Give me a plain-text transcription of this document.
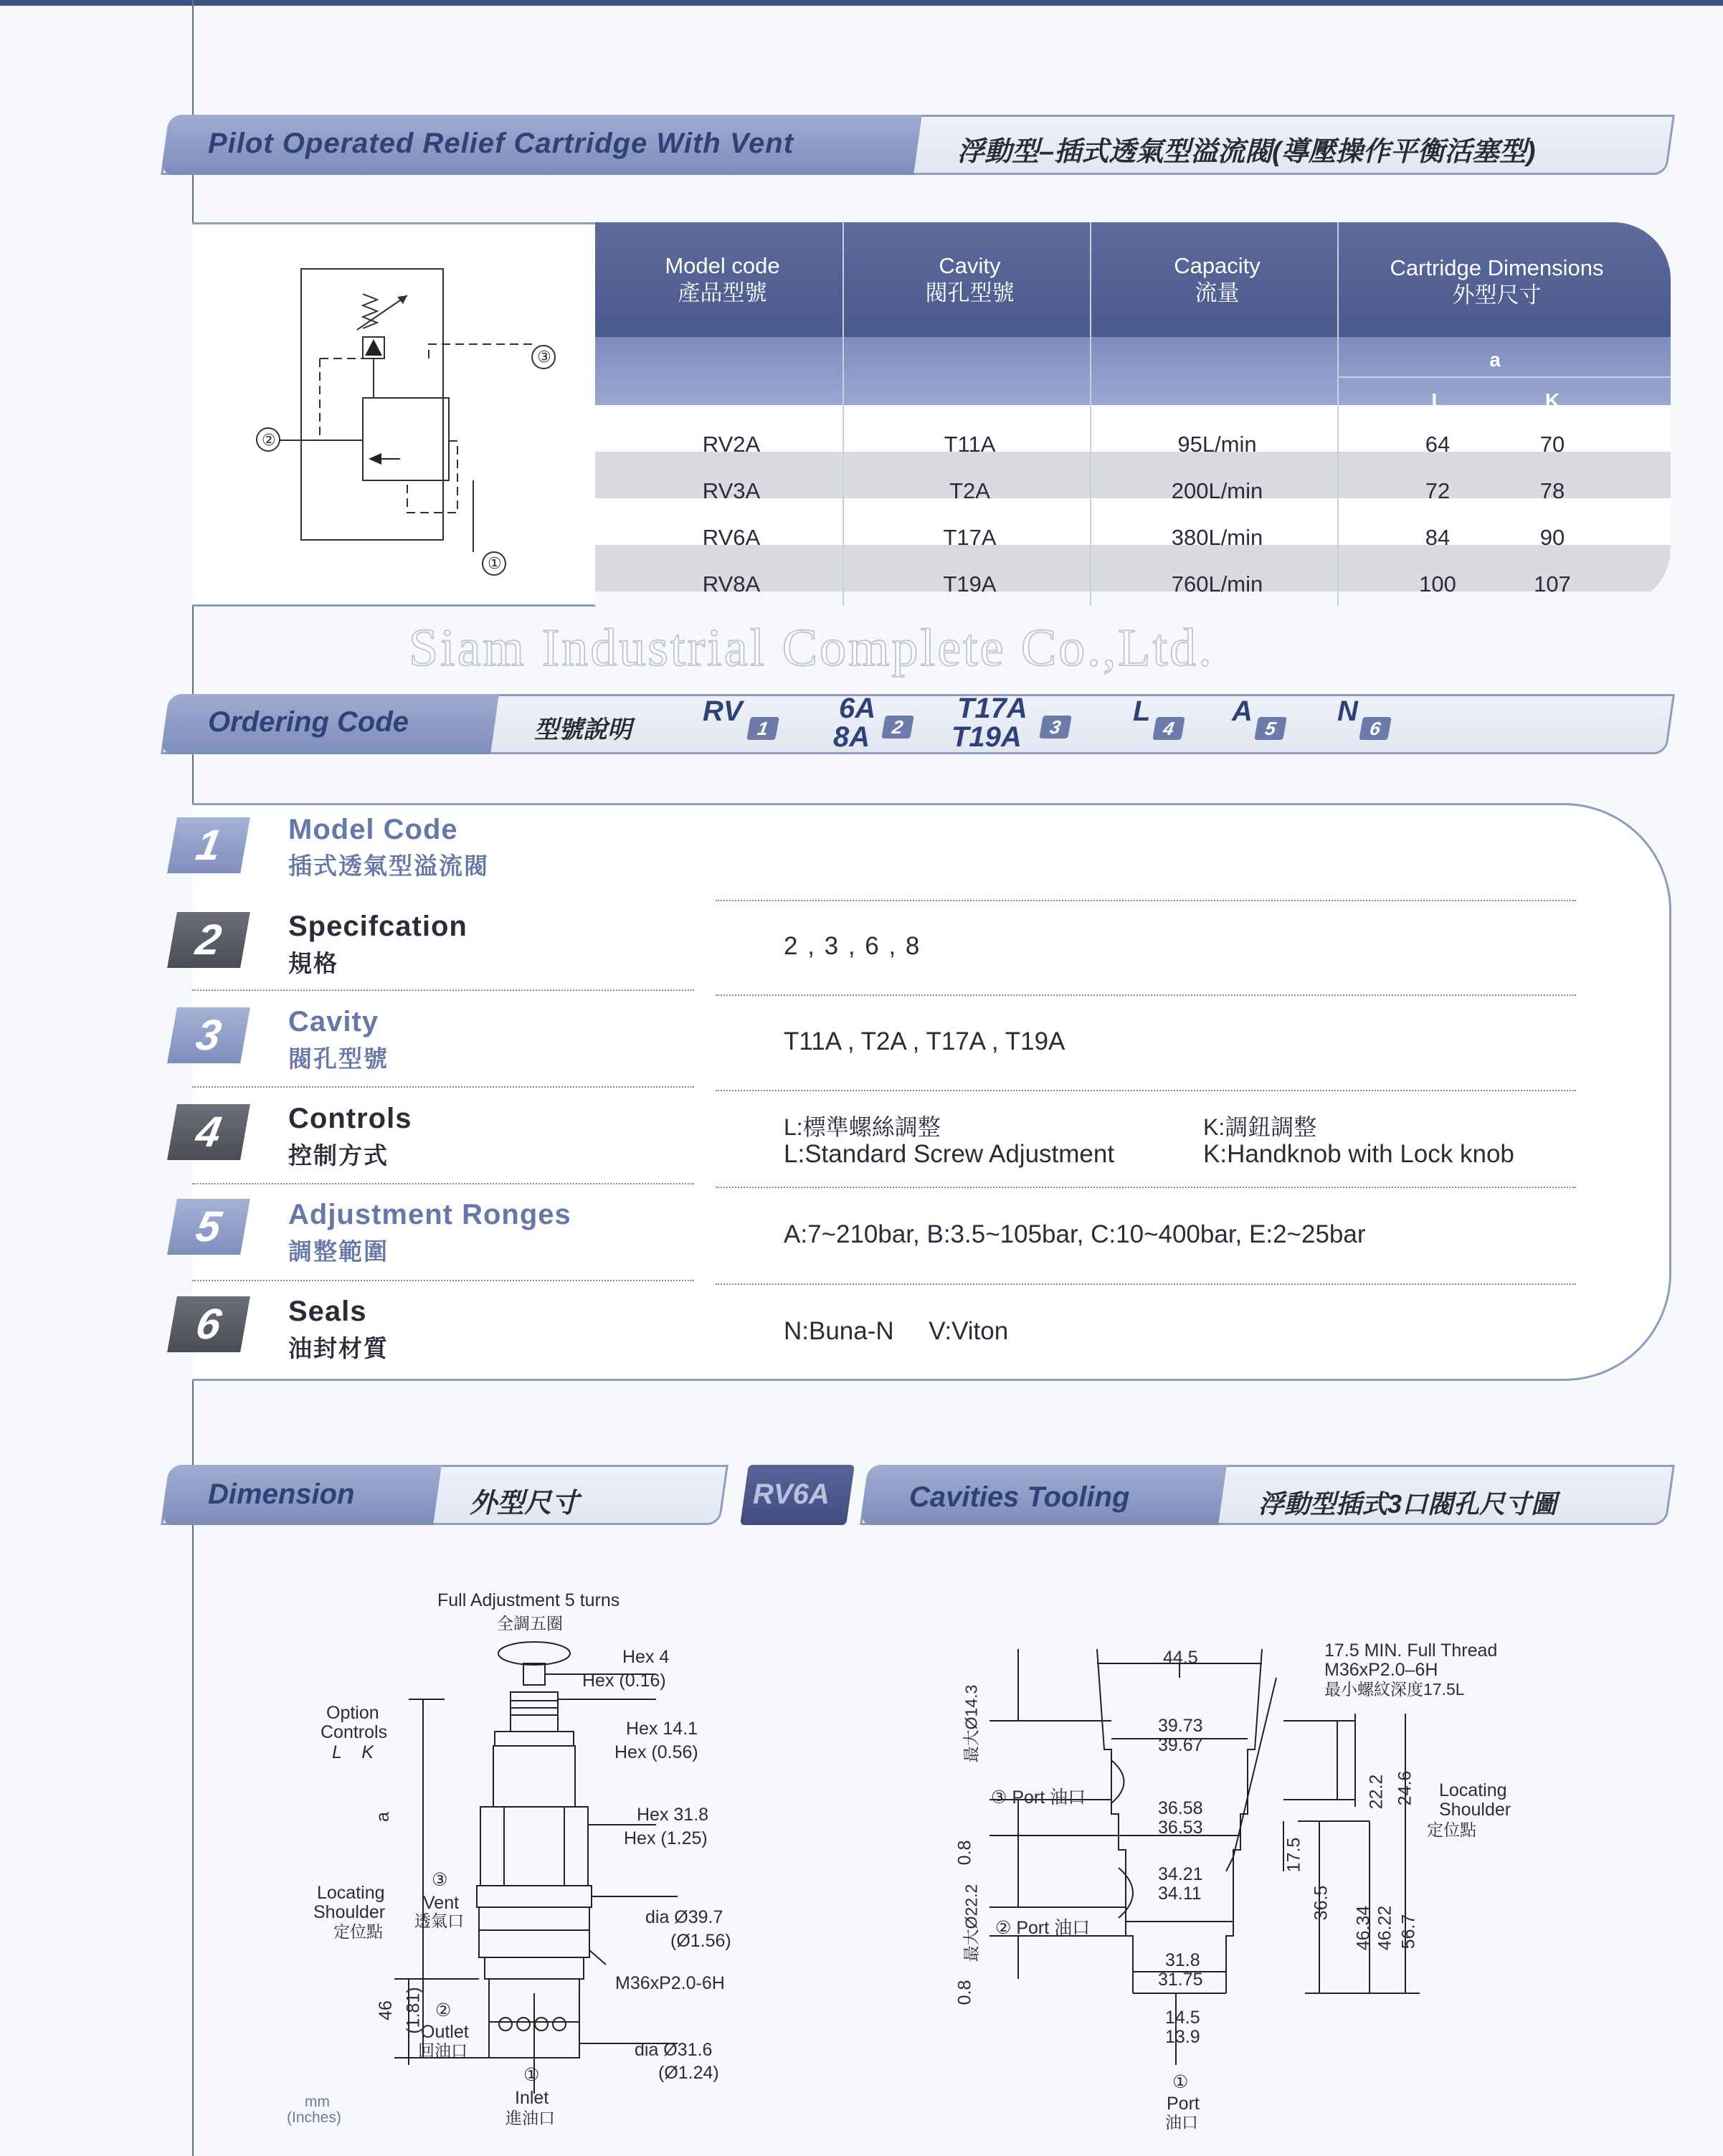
Pilot Operated Relief Cartridge With Vent	浮動型–插式透氣型溢流閥(導壓操作平衡活塞型)
③
②
①
Model code
產品型號
Cavity
閥孔型號
Capacity
流量
Cartridge Dimensions
外型尺寸
a
L	K
RV2A	T11A	95L/min	64	70
RV3A	T2A	200L/min	72	78
RV6A	T17A	380L/min	84	90
RV8A	T19A	760L/min	100	107
Siam Industrial Complete Co.,Ltd.
Ordering Code	型號說明
RV
1
6A
8A	2
T17A
T19A	3	L
4
A
5
N
6
1	Model Code
插式透氣型溢流閥
2	Specifcation
規格
2 , 3 , 6 , 8
3	Cavity
閥孔型號
T11A , T2A , T17A , T19A
4	Controls
控制方式
L:標準螺絲調整
L:Standard Screw Adjustment
K:調鈕調整
K:Handknob with Lock knob
5	Adjustment Ronges
調整範圍
A:7~210bar, B:3.5~105bar, C:10~400bar, E:2~25bar
6	Seals
油封材質
N:Buna-N     V:Viton
Dimension	外型尺寸	RV6A	Cavities Tooling	浮動型插式3口閥孔尺寸圖
Full Adjustment 5 turns
全調五圈
Hex 4
Hex (0.16)
Option
Controls
L    K
Hex 14.1
Hex (0.56)
a	Hex 31.8
Hex (1.25)
Locating
Shoulder
定位點
③
Vent
透氣口	dia Ø39.7
(Ø1.56)
M36xP2.0-6H
46 (1.81) ②
Outlet
回油口	dia Ø31.6
(Ø1.24)
①
Inlet
進油口
mm
(Inches)
44.5	17.5 MIN. Full Thread
M36xP2.0–6H
最小螺紋深度17.5L
最大Ø14.3	39.73
39.67
③ Port 油口
36.58
36.53
0.8
34.21
34.11
最大Ø22.2 ② Port 油口
0.8
31.8
31.75
14.5
13.9
①
Port
油口
Locating
Shoulder
定位點
22.2 24.6
17.5
36.5
46.34 46.22 56.7
